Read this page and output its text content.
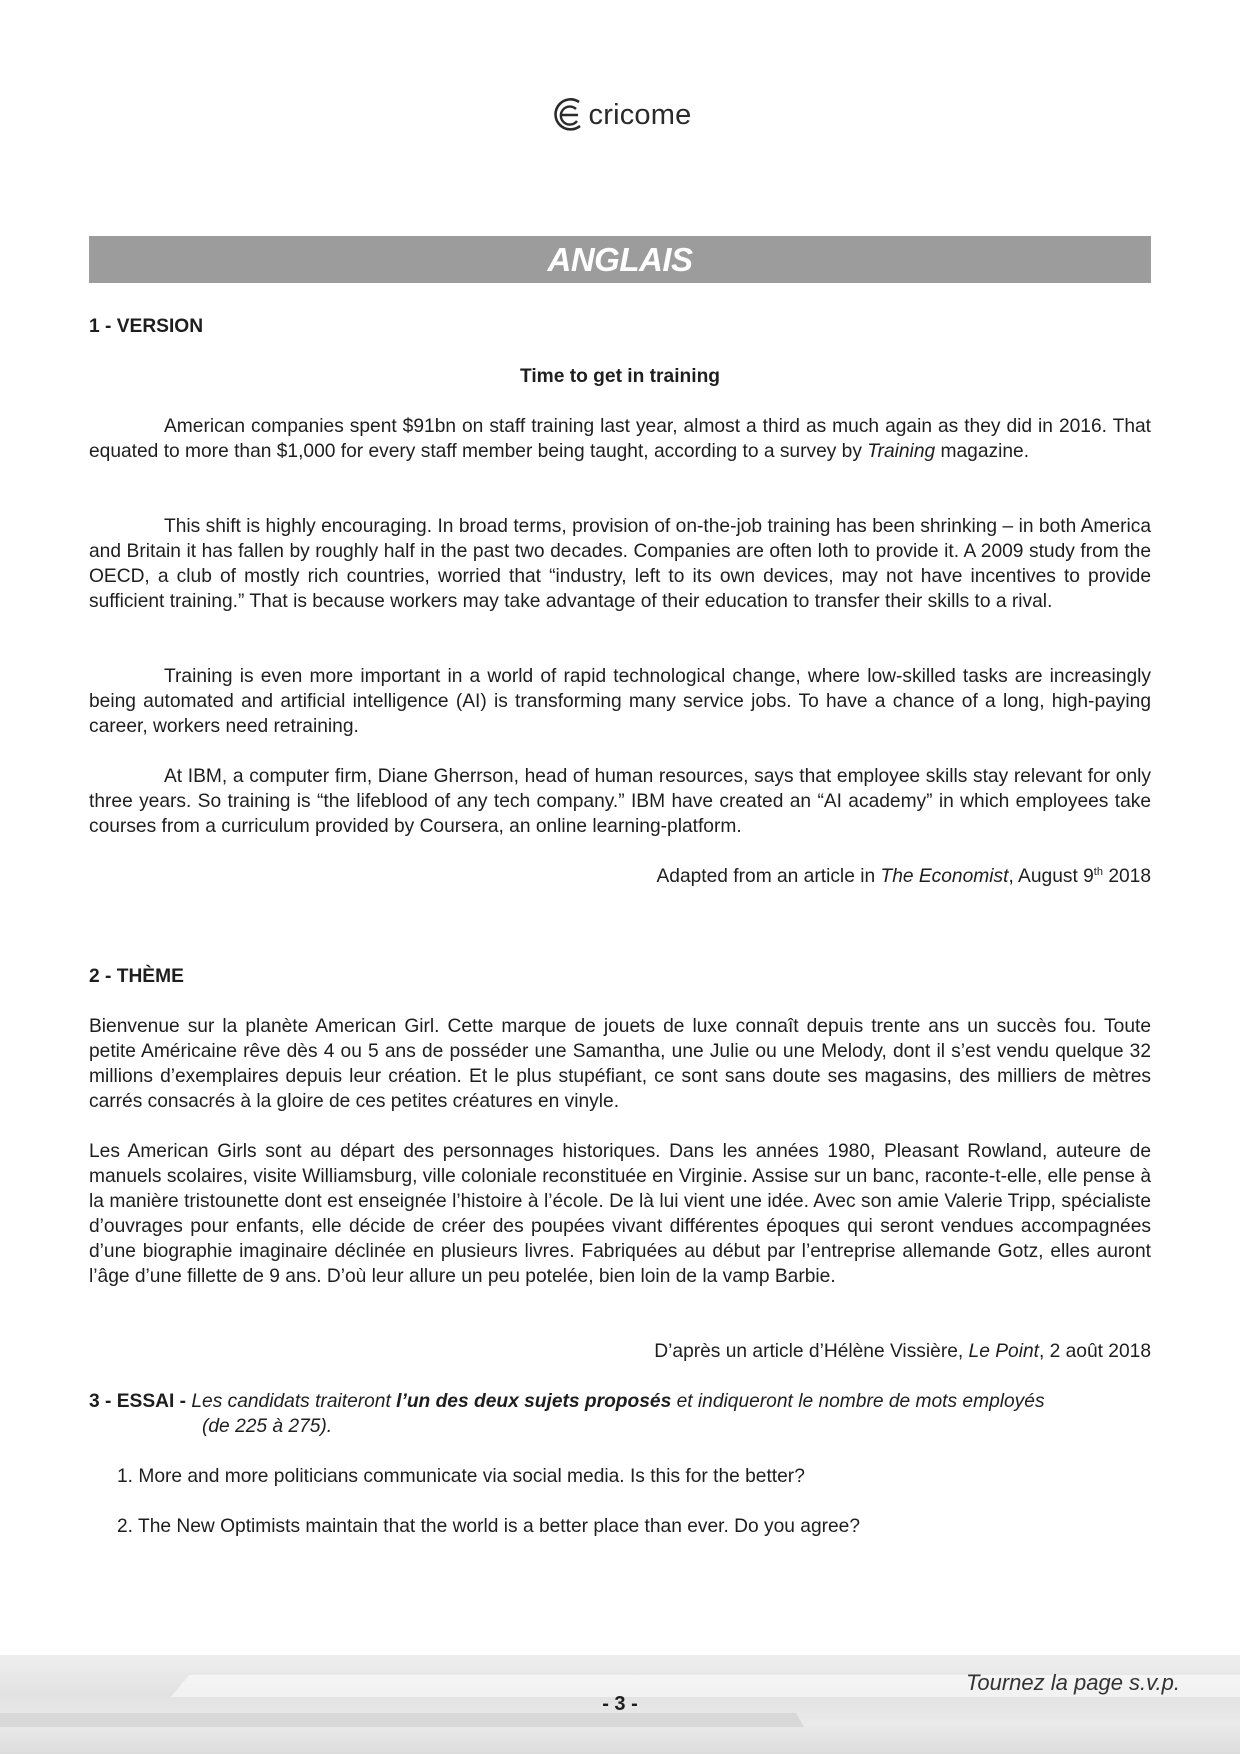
cricome
ANGLAIS
1 - VERSION
Time to get in training

American companies spent $91bn on staff training last year, almost a third as much again as they did in 2016. That equated to more than $1,000 for every staff member being taught, according to a survey by Training magazine.

This shift is highly encouraging. In broad terms, provision of on-the-job training has been shrinking – in both America and Britain it has fallen by roughly half in the past two decades. Companies are often loth to provide it. A 2009 study from the OECD, a club of mostly rich countries, worried that “industry, left to its own devices, may not have incentives to provide sufficient training.” That is because workers may take advantage of their education to transfer their skills to a rival.

Training is even more important in a world of rapid technological change, where low-skilled tasks are increasingly being automated and artificial intelligence (AI) is transforming many service jobs. To have a chance of a long, high-paying career, workers need retraining.

At IBM, a computer firm, Diane Gherrson, head of human resources, says that employee skills stay relevant for only three years. So training is “the lifeblood of any tech company.” IBM have created an “AI academy” in which employees take courses from a curriculum provided by Coursera, an online learning-platform.

Adapted from an article in The Economist, August 9th 2018

2 - THÈME

Bienvenue sur la planète American Girl. Cette marque de jouets de luxe connaît depuis trente ans un succès fou. Toute petite Américaine rêve dès 4 ou 5 ans de posséder une Samantha, une Julie ou une Melody, dont il s’est vendu quelque 32 millions d’exemplaires depuis leur création. Et le plus stupéfiant, ce sont sans doute ses magasins, des milliers de mètres carrés consacrés à la gloire de ces petites créatures en vinyle.

Les American Girls sont au départ des personnages historiques. Dans les années 1980, Pleasant Rowland, auteure de manuels scolaires, visite Williamsburg, ville coloniale reconstituée en Virginie. Assise sur un banc, raconte-t-elle, elle pense à la manière tristounette dont est enseignée l’histoire à l’école. De là lui vient une idée. Avec son amie Valerie Tripp, spécialiste d’ouvrages pour enfants, elle décide de créer des poupées vivant différentes époques qui seront vendues accompagnées d’une biographie imaginaire déclinée en plusieurs livres. Fabriquées au début par l’entreprise allemande Gotz, elles auront l’âge d’une fillette de 9 ans. D’où leur allure un peu potelée, bien loin de la vamp Barbie.

D’après un article d’Hélène Vissière, Le Point, 2 août 2018

3 - ESSAI - Les candidats traiteront l’un des deux sujets proposés et indiqueront le nombre de mots employés
(de 225 à 275).
1. More and more politicians communicate via social media. Is this for the better?
2. The New Optimists maintain that the world is a better place than ever. Do you agree?
Tournez la page s.v.p.
- 3 -
